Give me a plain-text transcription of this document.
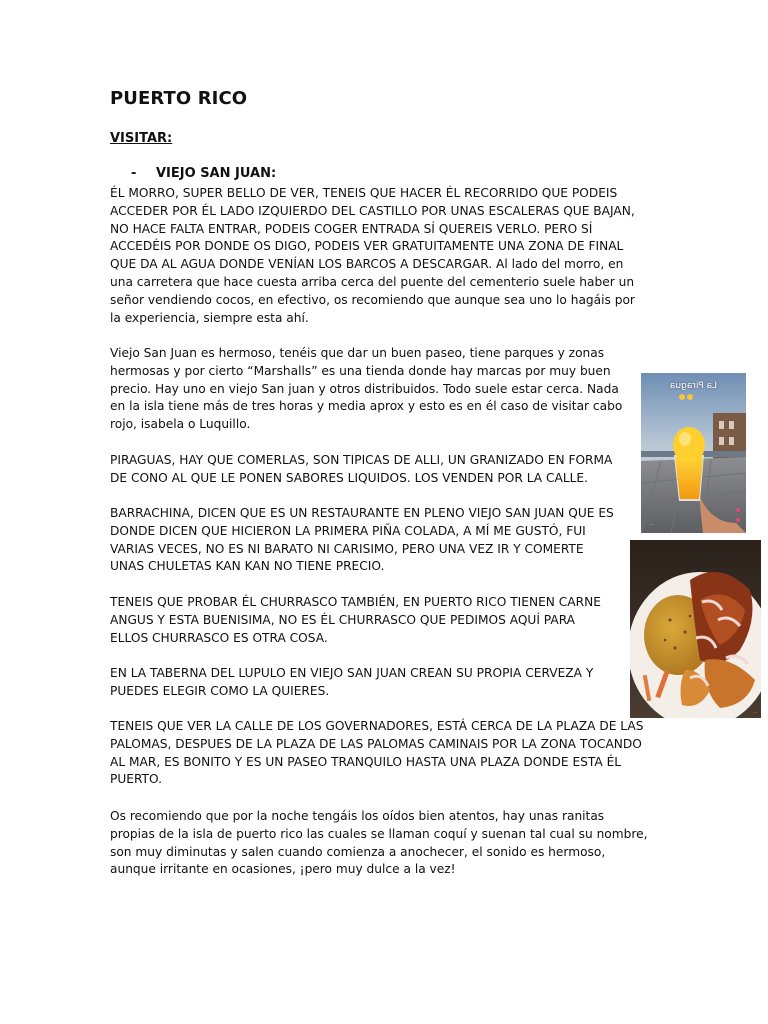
PUERTO RICO

VISITAR:

- VIEJO SAN JUAN:

ÉL MORRO, SUPER BELLO DE VER, TENEIS QUE HACER ÉL RECORRIDO QUE PODEIS
ACCEDER POR ÉL LADO IZQUIERDO DEL CASTILLO POR UNAS ESCALERAS QUE BAJAN,
NO HACE FALTA ENTRAR, PODEIS COGER ENTRADA SÍ QUEREIS VERLO. PERO SÍ
ACCEDÉIS POR DONDE OS DIGO, PODEIS VER GRATUITAMENTE UNA ZONA DE FINAL
QUE DA AL AGUA DONDE VENÍAN LOS BARCOS A DESCARGAR. Al lado del morro, en
una carretera que hace cuesta arriba cerca del puente del cementerio suele haber un
señor vendiendo cocos, en efectivo, os recomiendo que aunque sea uno lo hagáis por
la experiencia, siempre esta ahí.

Viejo San Juan es hermoso, tenéis que dar un buen paseo, tiene parques y zonas
hermosas y por cierto “Marshalls” es una tienda donde hay marcas por muy buen
precio. Hay uno en viejo San juan y otros distribuidos. Todo suele estar cerca. Nada
en la isla tiene más de tres horas y media aprox y esto es en él caso de visitar cabo
rojo, isabela o Luquillo.

PIRAGUAS, HAY QUE COMERLAS, SON TIPICAS DE ALLI, UN GRANIZADO EN FORMA
DE CONO AL QUE LE PONEN SABORES LIQUIDOS. LOS VENDEN POR LA CALLE.

BARRACHINA, DICEN QUE ES UN RESTAURANTE EN PLENO VIEJO SAN JUAN QUE ES
DONDE DICEN QUE HICIERON LA PRIMERA PIÑA COLADA, A MÍ ME GUSTÓ, FUI
VARIAS VECES, NO ES NI BARATO NI CARISIMO, PERO UNA VEZ IR Y COMERTE
UNAS CHULETAS KAN KAN NO TIENE PRECIO.

TENEIS QUE PROBAR ÉL CHURRASCO TAMBIÉN, EN PUERTO RICO TIENEN CARNE
ANGUS Y ESTA BUENISIMA, NO ES ÉL CHURRASCO QUE PEDIMOS AQUÍ PARA
ELLOS CHURRASCO ES OTRA COSA.

EN LA TABERNA DEL LUPULO EN VIEJO SAN JUAN CREAN SU PROPIA CERVEZA Y
PUEDES ELEGIR COMO LA QUIERES.

TENEIS QUE VER LA CALLE DE LOS GOVERNADORES, ESTÁ CERCA DE LA PLAZA DE LAS
PALOMAS, DESPUES DE LA PLAZA DE LAS PALOMAS CAMINAIS POR LA ZONA TOCANDO
AL MAR, ES BONITO Y ES UN PASEO TRANQUILO HASTA UNA PLAZA DONDE ESTA ÉL
PUERTO.

Os recomiendo que por la noche tengáis los oídos bien atentos, hay unas ranitas
propias de la isla de puerto rico las cuales se llaman coquí y suenan tal cual su nombre,
son muy diminutas y salen cuando comienza a anochecer, el sonido es hermoso,
aunque irritante en ocasiones, ¡pero muy dulce a la vez!

La Piragua
⋯
⋯
